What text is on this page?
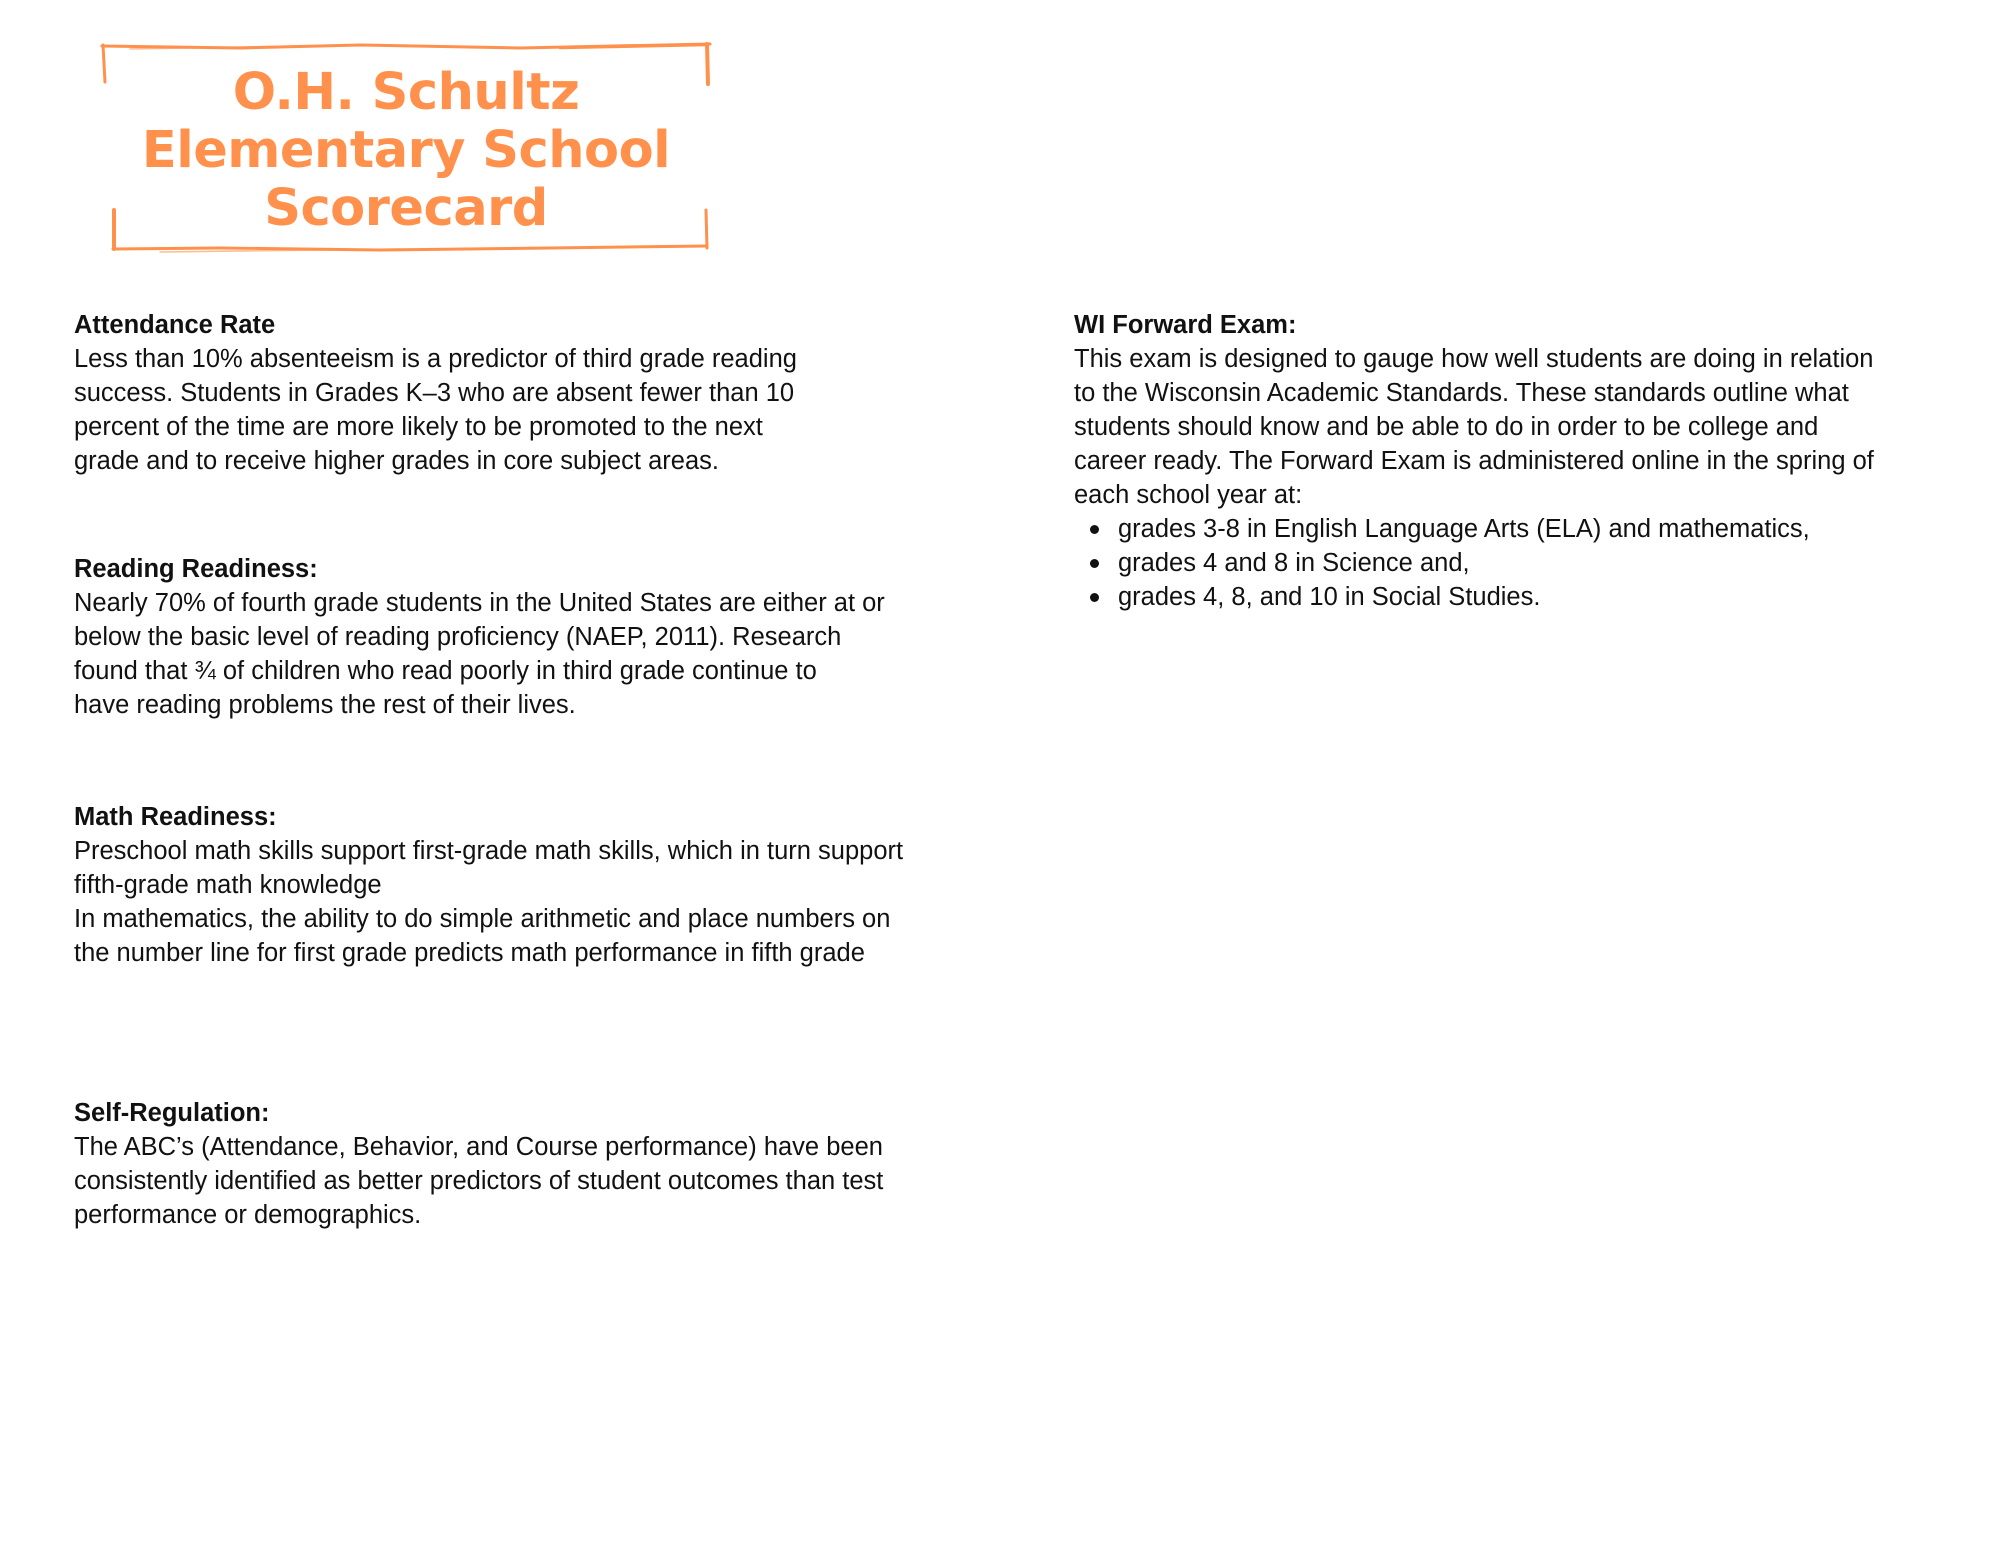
O.H. Schultz
Elementary School
Scorecard
Attendance Rate
Less than 10% absenteeism is a predictor of third grade reading
success. Students in Grades K–3 who are absent fewer than 10
percent of the time are more likely to be promoted to the next
grade and to receive higher grades in core subject areas.
Reading Readiness:
Nearly 70% of fourth grade students in the United States are either at or
below the basic level of reading proficiency (NAEP, 2011). Research
found that ¾ of children who read poorly in third grade continue to
have reading problems the rest of their lives.
Math Readiness:
Preschool math skills support first-grade math skills, which in turn support
fifth-grade math knowledge
In mathematics, the ability to do simple arithmetic and place numbers on
the number line for first grade predicts math performance in fifth grade
Self-Regulation:
The ABC’s (Attendance, Behavior, and Course performance) have been
consistently identified as better predictors of student outcomes than test
performance or demographics.
WI Forward Exam:
This exam is designed to gauge how well students are doing in relation
to the Wisconsin Academic Standards. These standards outline what
students should know and be able to do in order to be college and
career ready. The Forward Exam is administered online in the spring of
each school year at:
grades 3-8 in English Language Arts (ELA) and mathematics,
grades 4 and 8 in Science and,
grades 4, 8, and 10 in Social Studies.
